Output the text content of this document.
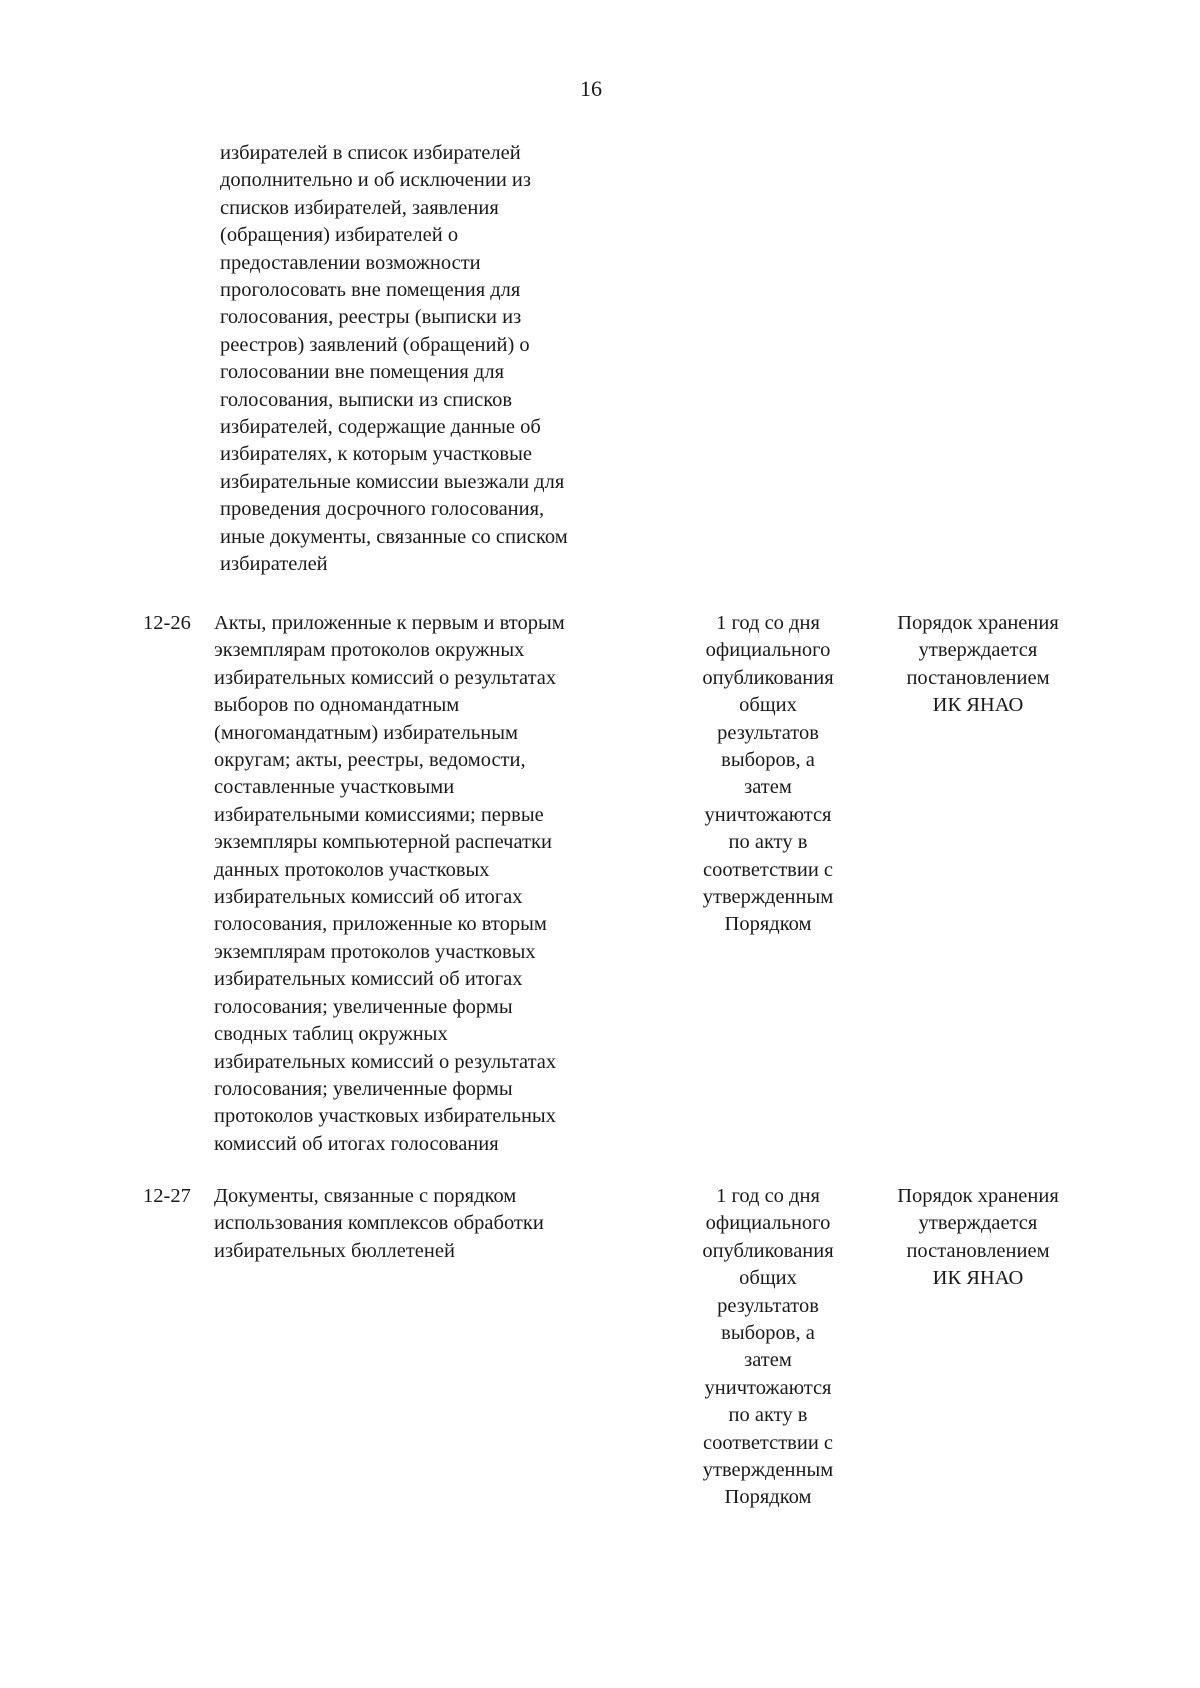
16
избирателей в список избирателей
дополнительно и об исключении из
списков избирателей, заявления
(обращения) избирателей о
предоставлении возможности
проголосовать вне помещения для
голосования, реестры (выписки из
реестров) заявлений (обращений) о
голосовании вне помещения для
голосования, выписки из списков
избирателей, содержащие данные об
избирателях, к которым участковые
избирательные комиссии выезжали для
проведения досрочного голосования,
иные документы, связанные со списком
избирателей
12-26 Акты, приложенные к первым и вторым
экземплярам протоколов окружных
избирательных комиссий о результатах
выборов по одномандатным
(многомандатным) избирательным
округам; акты, реестры, ведомости,
составленные участковыми
избирательными комиссиями; первые
экземпляры компьютерной распечатки
данных протоколов участковых
избирательных комиссий об итогах
голосования, приложенные ко вторым
экземплярам протоколов участковых
избирательных комиссий об итогах
голосования; увеличенные формы
сводных таблиц окружных
избирательных комиссий о результатах
голосования; увеличенные формы
протоколов участковых избирательных
комиссий об итогах голосования
1 год со дня
официального
опубликования
общих
результатов
выборов, а
затем
уничтожаются
по акту в
соответствии с
утвержденным
Порядком
Порядок хранения
утверждается
постановлением
ИК ЯНАО
12-27 Документы, связанные с порядком
использования комплексов обработки
избирательных бюллетеней
1 год со дня
официального
опубликования
общих
результатов
выборов, а
затем
уничтожаются
по акту в
соответствии с
утвержденным
Порядком
Порядок хранения
утверждается
постановлением
ИК ЯНАО
